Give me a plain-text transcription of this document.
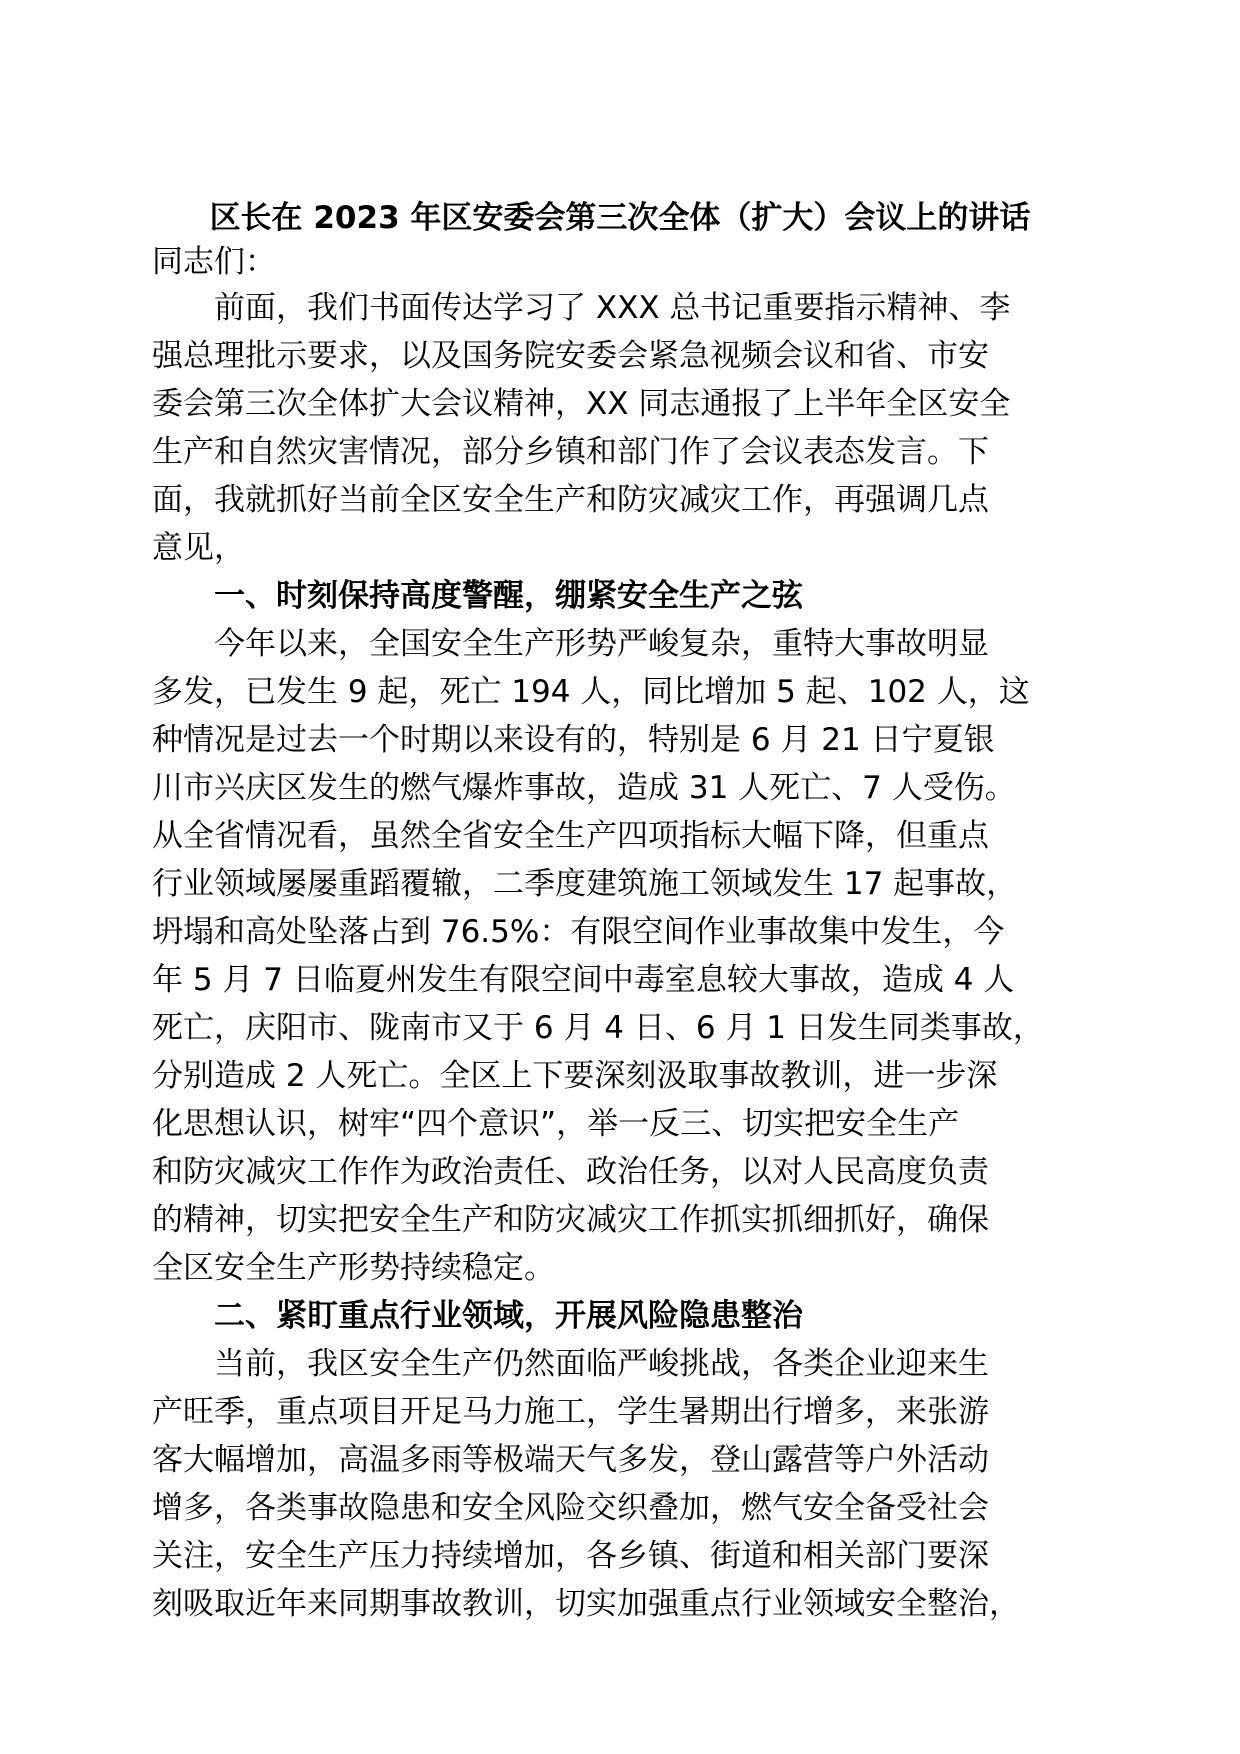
区长在 2023 年区安委会第三次全体（扩大）会议上的讲话

同志们：

前面，我们书面传达学习了 XXX 总书记重要指示精神、李
强总理批示要求，以及国务院安委会紧急视频会议和省、市安
委会第三次全体扩大会议精神，XX 同志通报了上半年全区安全
生产和自然灾害情况，部分乡镇和部门作了会议表态发言。下
面，我就抓好当前全区安全生产和防灾减灾工作，再强调几点
意见，

一、时刻保持高度警醒，绷紧安全生产之弦

今年以来，全国安全生产形势严峻复杂，重特大事故明显
多发，已发生 9 起，死亡 194 人，同比增加 5 起、102 人，这
种情况是过去一个时期以来设有的，特别是 6 月 21 日宁夏银
川市兴庆区发生的燃气爆炸事故，造成 31 人死亡、7 人受伤。
从全省情况看，虽然全省安全生产四项指标大幅下降，但重点
行业领域屡屡重蹈覆辙，二季度建筑施工领域发生 17 起事故，
坍塌和高处坠落占到 76.5%：有限空间作业事故集中发生，今
年 5 月 7 日临夏州发生有限空间中毒室息较大事故，造成 4 人
死亡，庆阳市、陇南市又于 6 月 4 日、6 月 1 日发生同类事故，
分别造成 2 人死亡。全区上下要深刻汲取事故教训，进一步深
化思想认识，树牢“四个意识”，举一反三、切实把安全生产
和防灾减灾工作作为政治责任、政治任务，以对人民高度负责
的精神，切实把安全生产和防灾减灾工作抓实抓细抓好，确保
全区安全生产形势持续稳定。

二、紧盯重点行业领域，开展风险隐患整治

当前，我区安全生产仍然面临严峻挑战，各类企业迎来生
产旺季，重点项目开足马力施工，学生暑期出行增多，来张游
客大幅增加，高温多雨等极端天气多发，登山露营等户外活动
增多，各类事故隐患和安全风险交织叠加，燃气安全备受社会
关注，安全生产压力持续增加，各乡镇、街道和相关部门要深
刻吸取近年来同期事故教训，切实加强重点行业领域安全整治，
